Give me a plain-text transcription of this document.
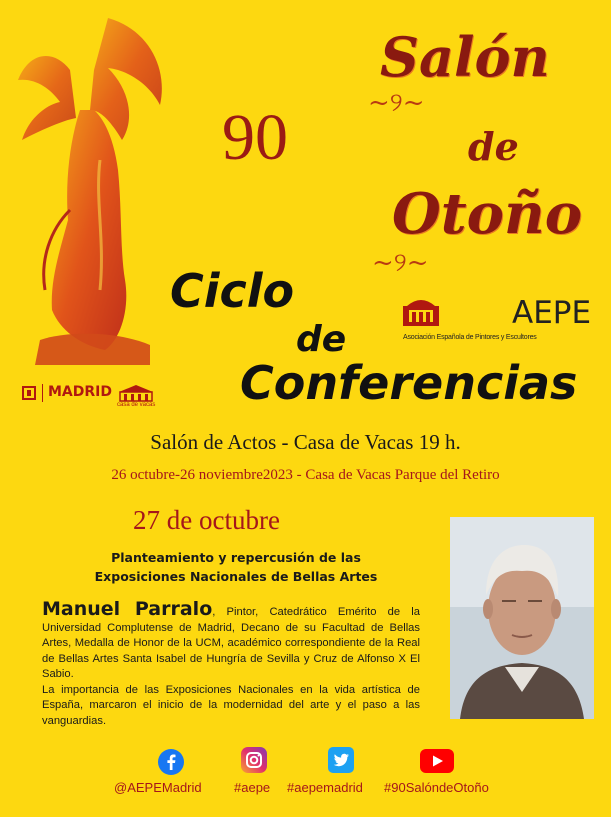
90
Salón
~୨~
de
Otoño
~୨~
Ciclo
de
Conferencias
AEPE
Asociación Española de Pintores y Escultores
MADRID
casa de vacas
Salón de Actos - Casa de Vacas 19 h.
26 octubre-26 noviembre2023 - Casa de Vacas Parque del Retiro
27 de octubre
Planteamiento y repercusión de las
Exposiciones Nacionales de Bellas Artes
Manuel Parralo, Pintor, Catedrático Emérito de la Universidad Complutense de Madrid, Decano de su Facultad de Bellas Artes, Medalla de Honor de la UCM, académico correspondiente de la Real de Bellas Artes Santa Isabel de Hungría de Sevilla y Cruz de Alfonso X El Sabio.
La importancia de las Exposiciones Nacionales en la vida artística de España, marcaron el inicio de la modernidad del arte y el paso a las vanguardias.
@AEPEMadrid #aepe #aepemadrid #90SalóndeOtoño
